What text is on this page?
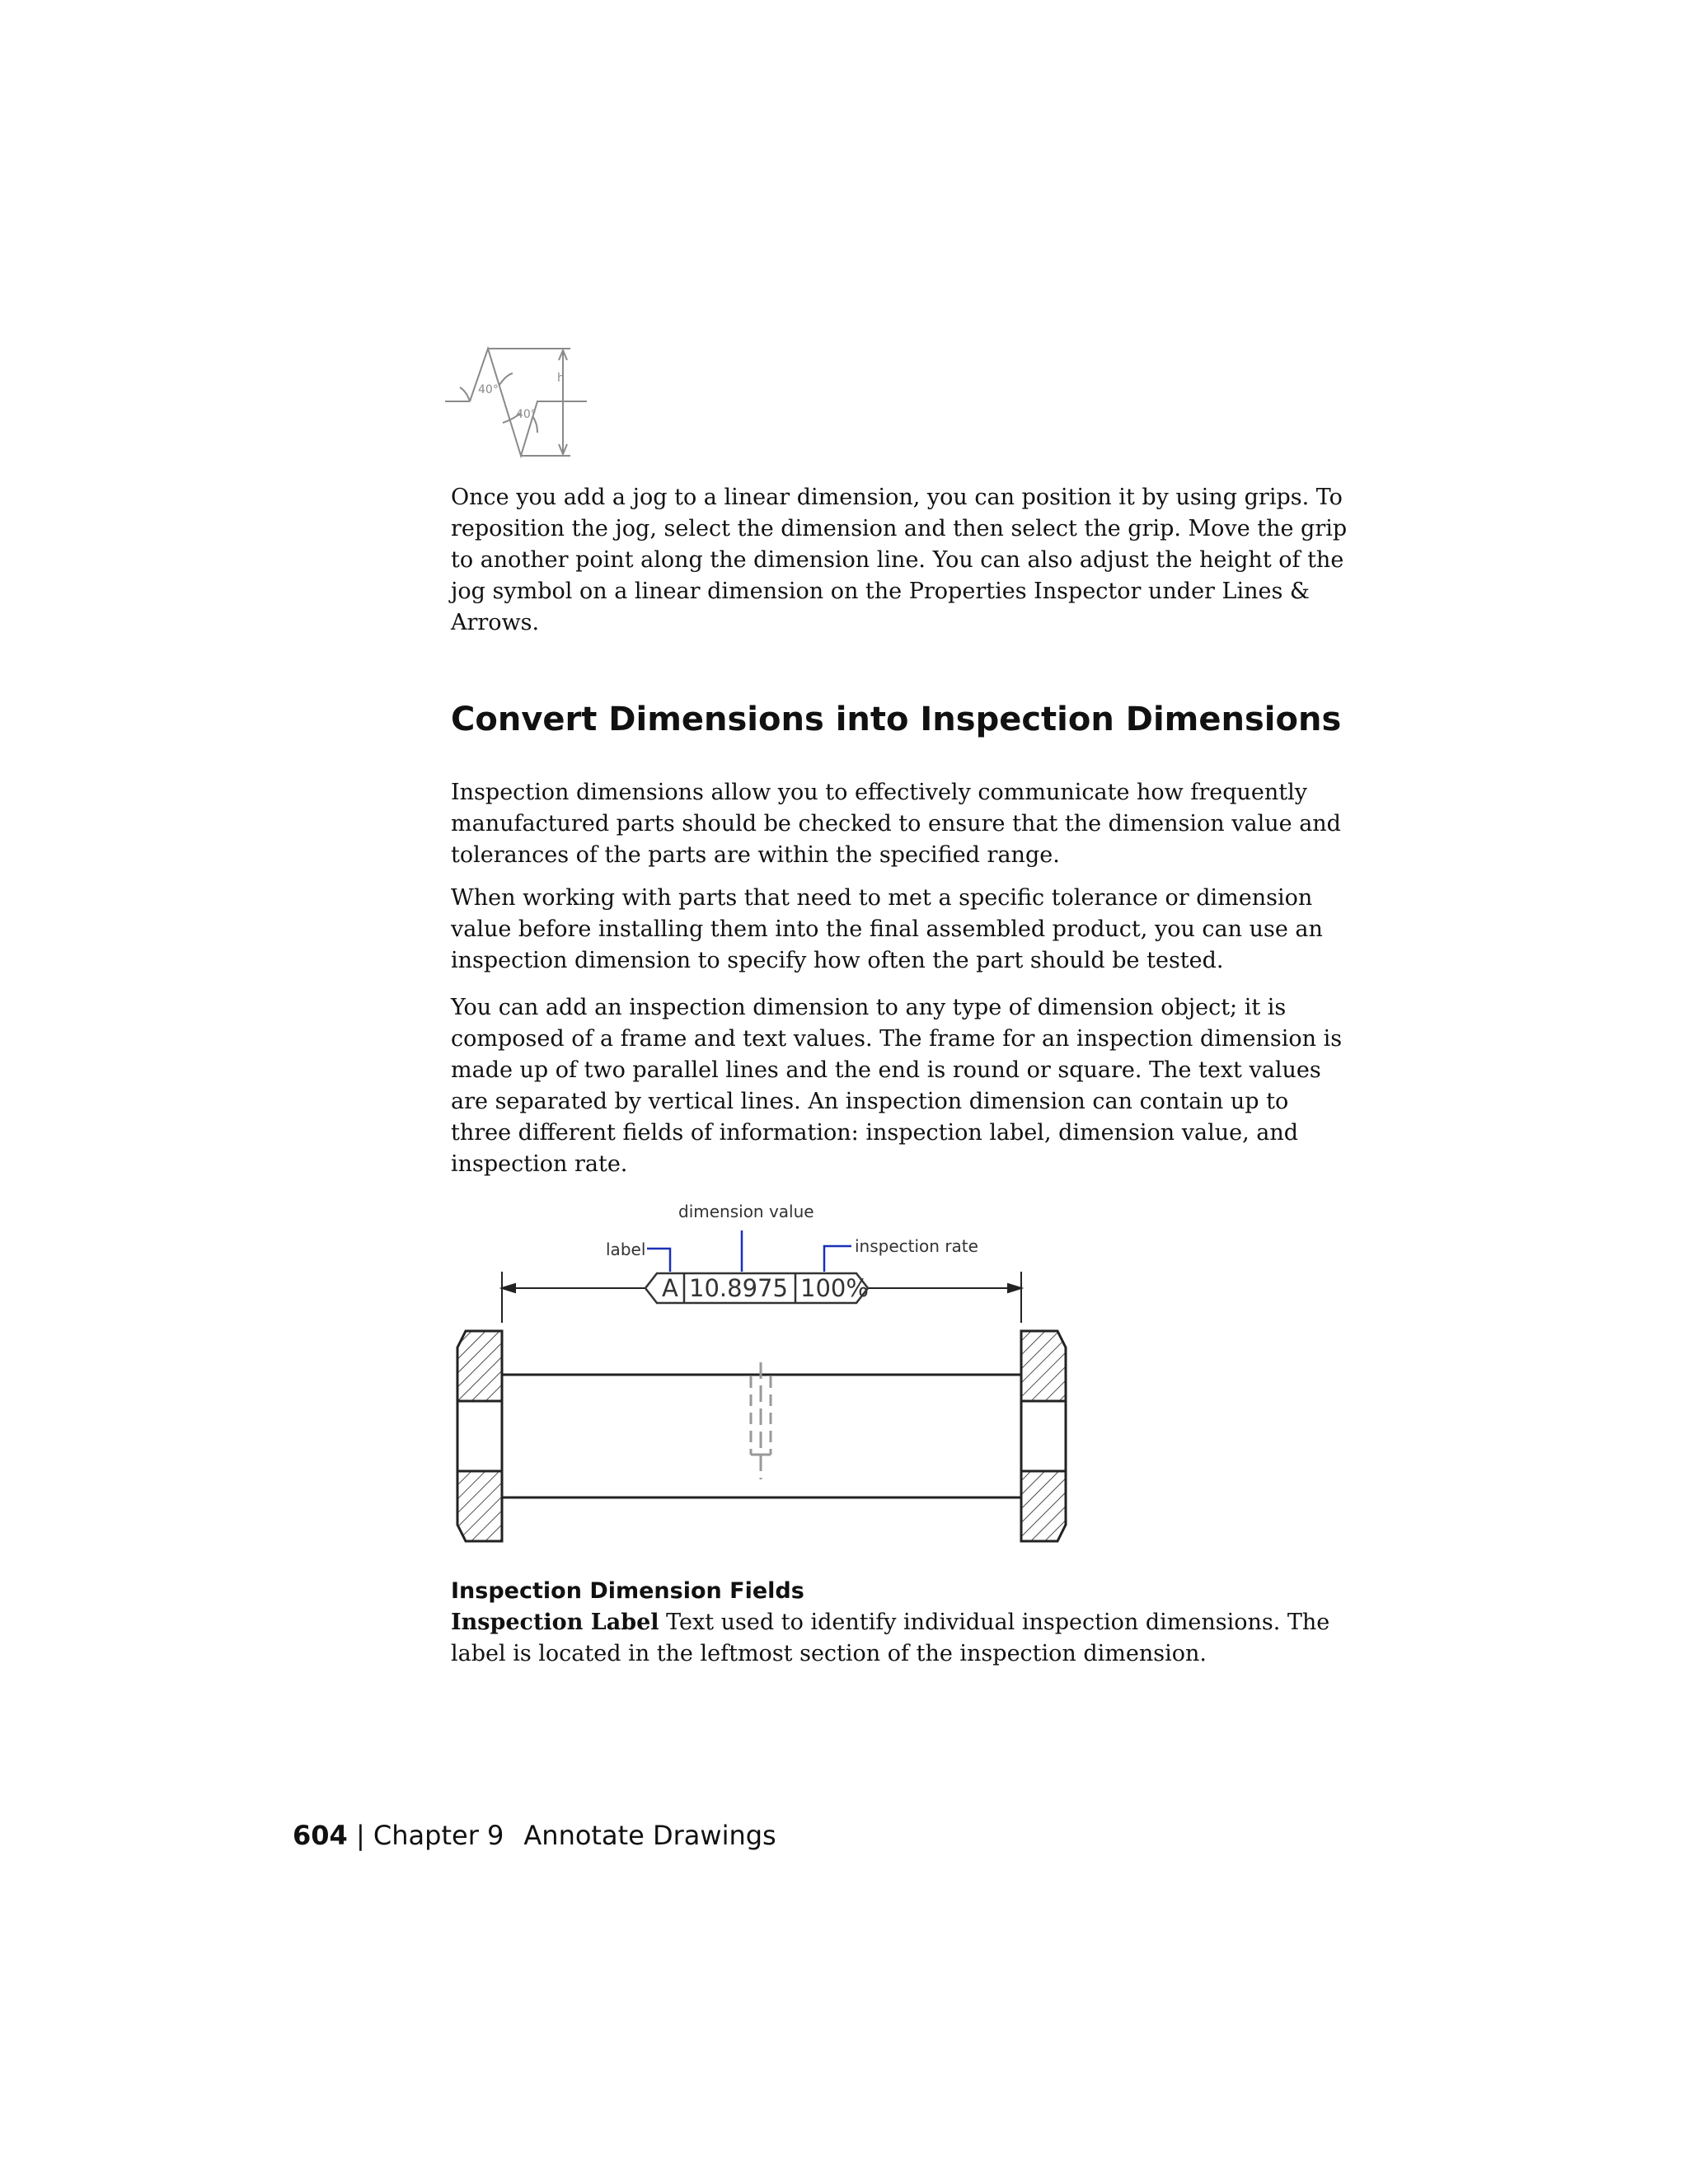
40°
40°
h

Once you add a jog to a linear dimension, you can position it by using grips. To reposition the jog, select the dimension and then select the grip. Move the grip to another point along the dimension line. You can also adjust the height of the jog symbol on a linear dimension on the Properties Inspector under Lines & Arrows.

Convert Dimensions into Inspection Dimensions

Inspection dimensions allow you to effectively communicate how frequently manufactured parts should be checked to ensure that the dimension value and tolerances of the parts are within the specified range.

When working with parts that need to met a specific tolerance or dimension value before installing them into the final assembled product, you can use an inspection dimension to specify how often the part should be tested.

You can add an inspection dimension to any type of dimension object; it is composed of a frame and text values. The frame for an inspection dimension is made up of two parallel lines and the end is round or square. The text values are separated by vertical lines. An inspection dimension can contain up to three different fields of information: inspection label, dimension value, and inspection rate.

dimension value
label	inspection rate
A 10.8975 100%
Inspection Dimension Fields

Inspection Label Text used to identify individual inspection dimensions. The label is located in the leftmost section of the inspection dimension.

604 | Chapter 9 Annotate Drawings
